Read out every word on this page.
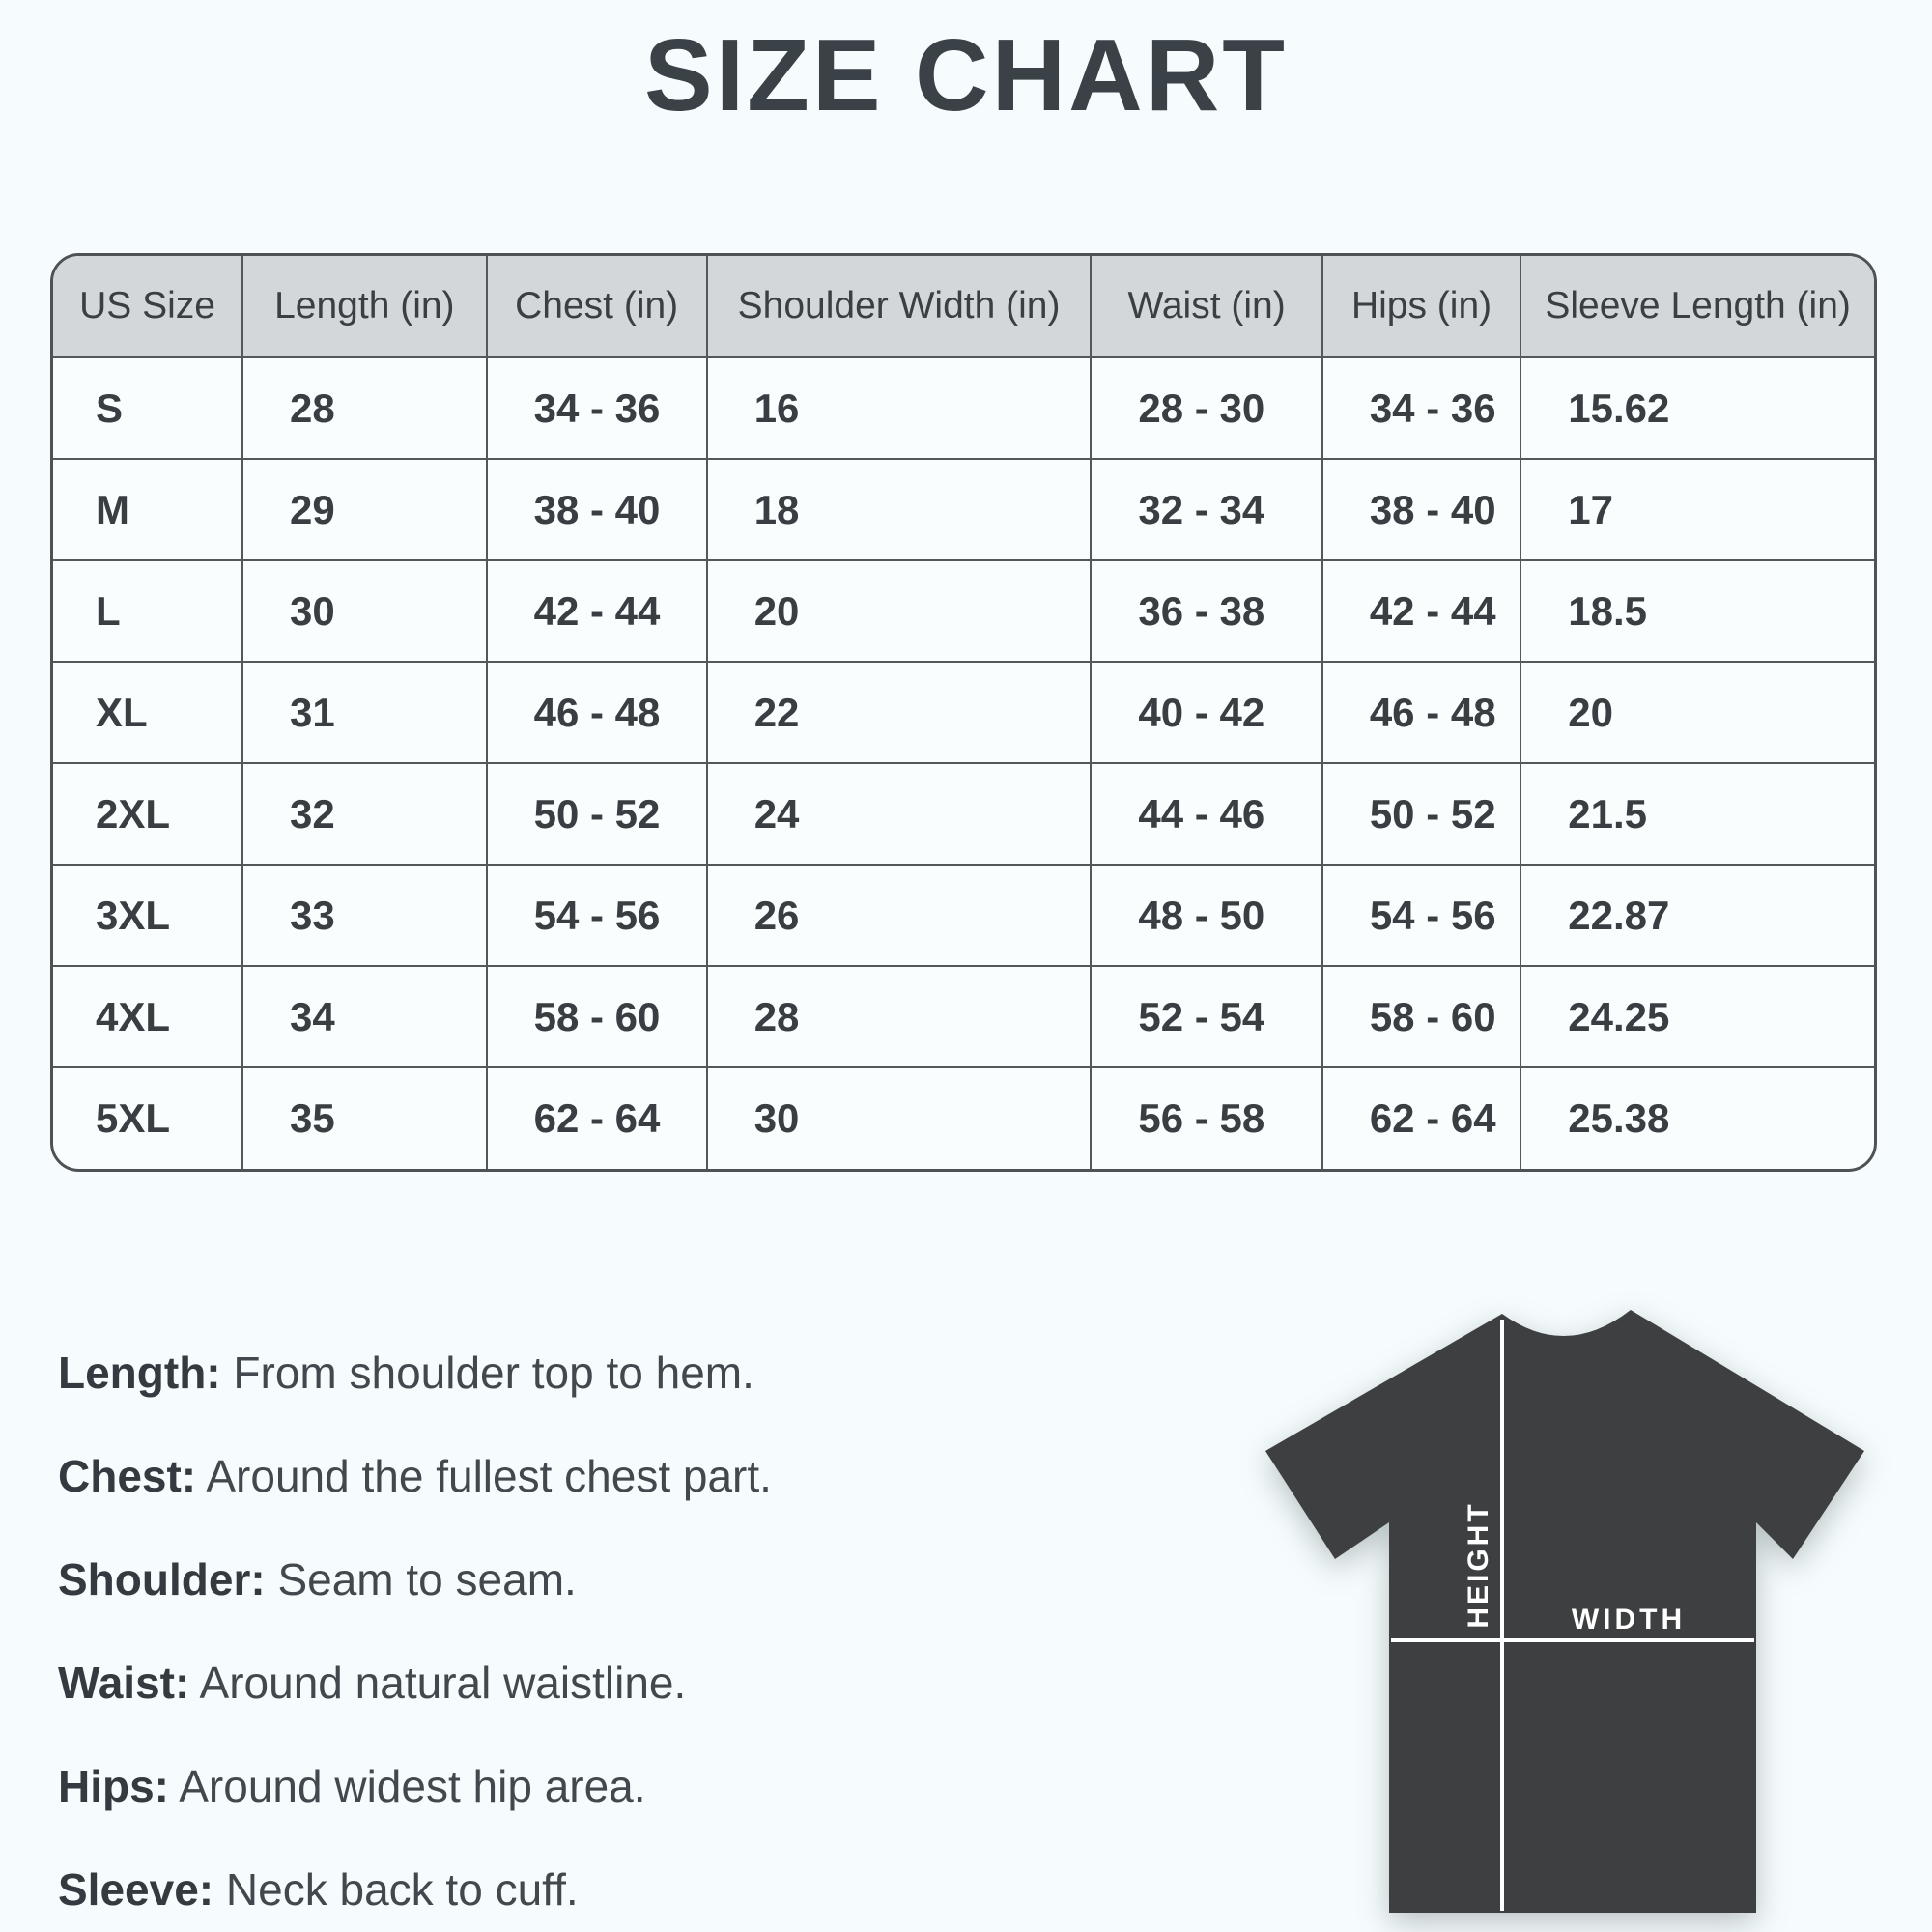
SIZE CHART
US Size	Length (in)	Chest (in)	Shoulder Width (in)	Waist (in)	Hips (in)	Sleeve Length (in)
S	28	34 - 36	16	28 - 30	34 - 36	15.62
M	29	38 - 40	18	32 - 34	38 - 40	17
L	30	42 - 44	20	36 - 38	42 - 44	18.5
XL	31	46 - 48	22	40 - 42	46 - 48	20
2XL	32	50 - 52	24	44 - 46	50 - 52	21.5
3XL	33	54 - 56	26	48 - 50	54 - 56	22.87
4XL	34	58 - 60	28	52 - 54	58 - 60	24.25
5XL	35	62 - 64	30	56 - 58	62 - 64	25.38
Length: From shoulder top to hem.
Chest: Around the fullest chest part.
Shoulder: Seam to seam.
Waist: Around natural waistline.
Hips: Around widest hip area.
Sleeve: Neck back to cuff.
HEIGHT	WIDTH
